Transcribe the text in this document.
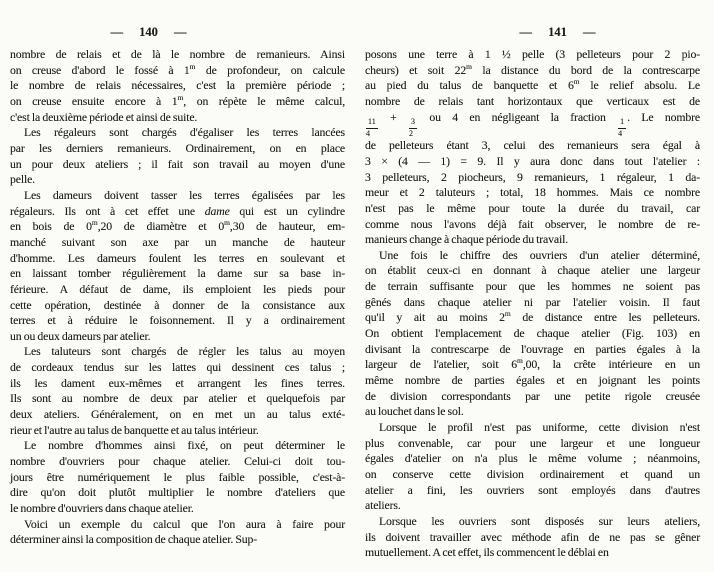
— 140 —
nombre de relais et de là le nombre de remanieurs. Ainsi
on creuse d'abord le fossé à 1$^m$ de profondeur, on calcule
le nombre de relais nécessaires, c'est la première période ;
on creuse ensuite encore à 1$^m$, on répète le même calcul,
c'est la deuxième période et ainsi de suite.
Les régaleurs sont chargés d'égaliser les terres lancées
par les derniers remanieurs. Ordinairement, on en place
un pour deux ateliers ; il fait son travail au moyen d'une
pelle.
Les dameurs doivent tasser les terres égalisées par les
régaleurs. Ils ont à cet effet une dame qui est un cylindre
en bois de 0$^m$,20 de diamètre et 0$^m$,30 de hauteur, em-
manché suivant son axe par un manche de hauteur
d'homme. Les dameurs foulent les terres en soulevant et
en laissant tomber régulièrement la dame sur sa base in-
férieure. A défaut de dame, ils emploient les pieds pour
cette opération, destinée à donner de la consistance aux
terres et à réduire le foisonnement. Il y a ordinairement
un ou deux dameurs par atelier.
Les taluteurs sont chargés de régler les talus au moyen
de cordeaux tendus sur les lattes qui dessinent ces talus ;
ils les dament eux-mêmes et arrangent les fines terres.
Ils sont au nombre de deux par atelier et quelquefois par
deux ateliers. Généralement, on en met un au talus exté-
rieur et l'autre au talus de banquette et au talus intérieur.
Le nombre d'hommes ainsi fixé, on peut déterminer le
nombre d'ouvriers pour chaque atelier. Celui-ci doit tou-
jours être numériquement le plus faible possible, c'est-à-
dire qu'on doit plutôt multiplier le nombre d'ateliers que
le nombre d'ouvriers dans chaque atelier.
Voici un exemple du calcul que l'on aura à faire pour
déterminer ainsi la composition de chaque atelier. Sup-
— 141 —
posons une terre à 1 ½ pelle (3 pelleteurs pour 2 pio-
cheurs) et soit 22$^m$ la distance du bord de la contrescarpe
au pied du talus de banquette et 6$^m$ le relief absolu. Le
nombre de relais tant horizontaux que verticaux est de
$\frac{11}{4}$
+
$\frac{3}{2}$
ou 4 en négligeant la fraction
$\frac{1}{4}$
. Le nombre
de pelleteurs étant 3, celui des remanieurs sera égal à
3 × (4 — 1) = 9. Il y aura donc dans tout l'atelier :
3 pelleteurs, 2 piocheurs, 9 remanieurs, 1 régaleur, 1 da-
meur et 2 taluteurs ; total, 18 hommes. Mais ce nombre
n'est pas le même pour toute la durée du travail, car
comme nous l'avons déjà fait observer, le nombre de re-
manieurs change à chaque période du travail.
Une fois le chiffre des ouvriers d'un atelier déterminé,
on établit ceux-ci en donnant à chaque atelier une largeur
de terrain suffisante pour que les hommes ne soient pas
gênés dans chaque atelier ni par l'atelier voisin. Il faut
qu'il y ait au moins 2$^m$ de distance entre les pelleteurs.
On obtient l'emplacement de chaque atelier (Fig. 103) en
divisant la contrescarpe de l'ouvrage en parties égales à la
largeur de l'atelier, soit 6$^m$,00, la crête intérieure en un
même nombre de parties égales et en joignant les points
de division correspondants par une petite rigole creusée
au louchet dans le sol.
Lorsque le profil n'est pas uniforme, cette division n'est
plus convenable, car pour une largeur et une longueur
égales d'atelier on n'a plus le même volume ; néanmoins,
on conserve cette division ordinairement et quand un
atelier a fini, les ouvriers sont employés dans d'autres
ateliers.
Lorsque les ouvriers sont disposés sur leurs ateliers,
ils doivent travailler avec méthode afin de ne pas se gêner
mutuellement. A cet effet, ils commencent le déblai en
